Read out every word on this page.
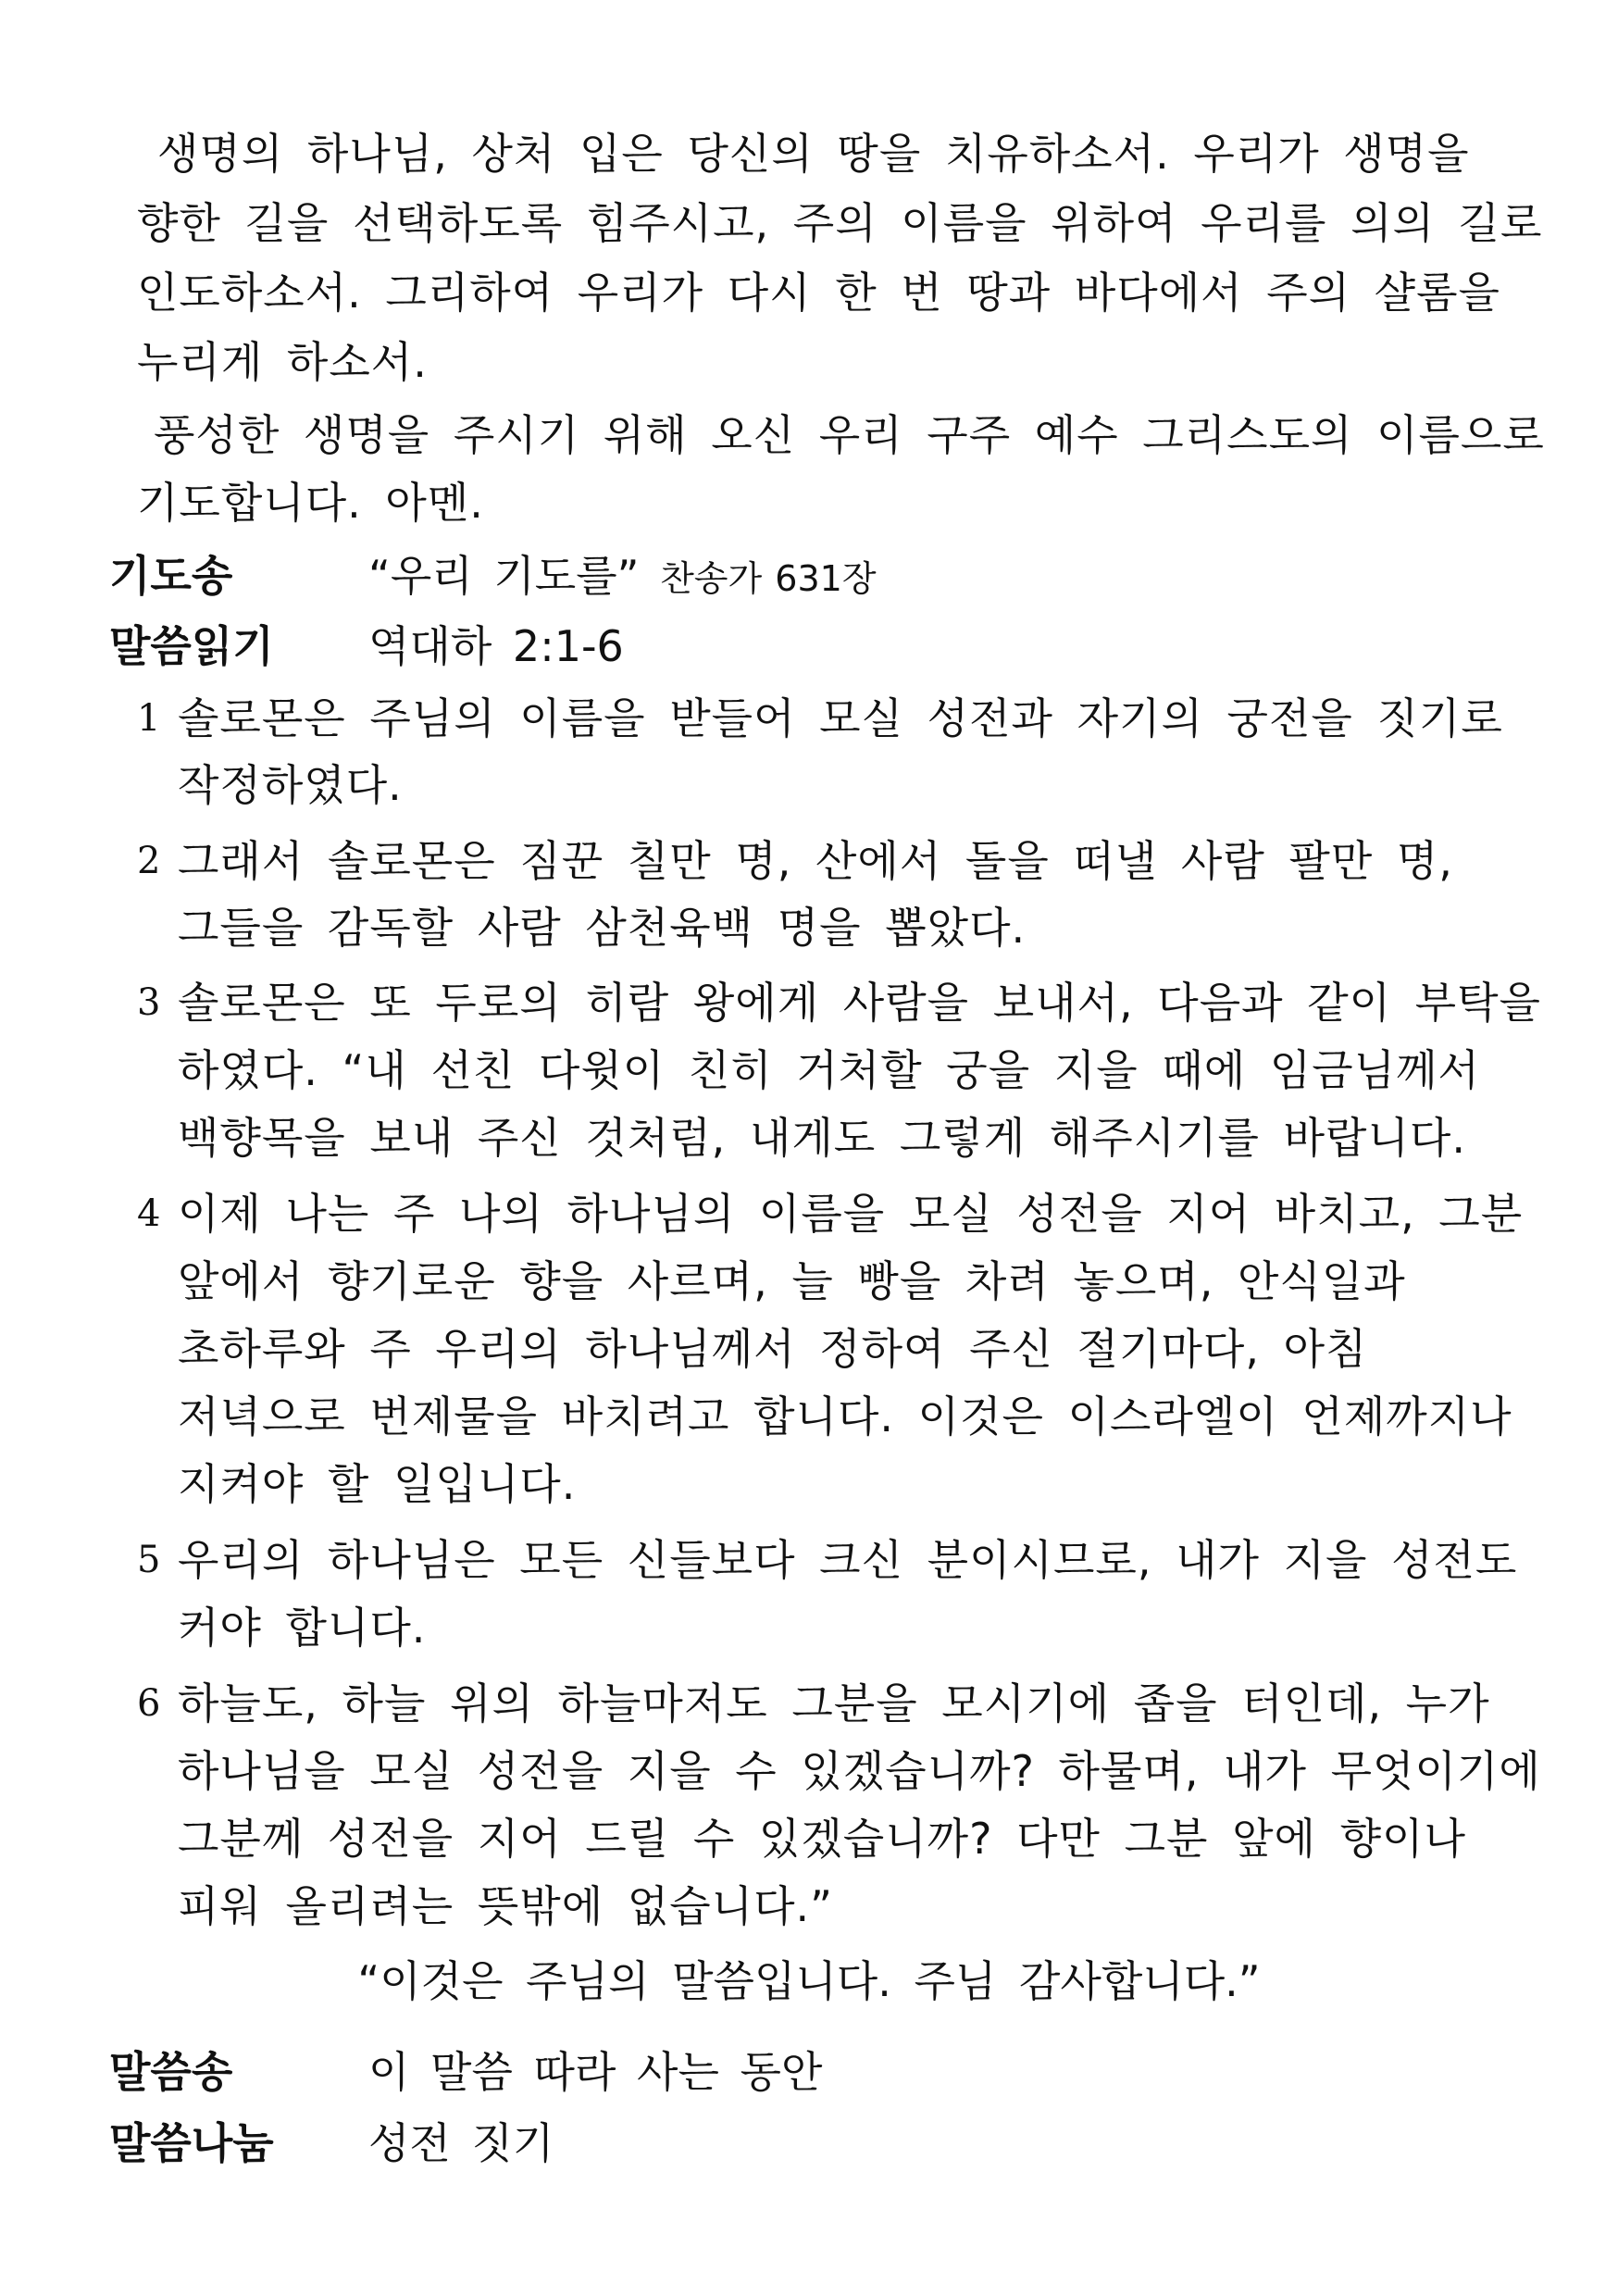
생명의 하나님, 상처 입은 당신의 땅을 치유하소서. 우리가 생명을
향한 길을 선택하도록 힘주시고, 주의 이름을 위하여 우리를 의의 길로
인도하소서. 그리하여 우리가 다시 한 번 땅과 바다에서 주의 샬롬을
누리게 하소서.
풍성한 생명을 주시기 위해 오신 우리 구주 예수 그리스도의 이름으로
기도합니다. 아멘.
기도송	“우리 기도를” 찬송가 631장
말씀읽기 역대하 2:1-6
1 솔로몬은 주님의 이름을 받들어 모실 성전과 자기의 궁전을 짓기로
작정하였다.
2 그래서 솔로몬은 짐꾼 칠만 명, 산에서 돌을 떠낼 사람 팔만 명,
그들을 감독할 사람 삼천육백 명을 뽑았다.
3 솔로몬은 또 두로의 히람 왕에게 사람을 보내서, 다음과 같이 부탁을
하였다. “내 선친 다윗이 친히 거처할 궁을 지을 때에 임금님께서
백향목을 보내 주신 것처럼, 내게도 그렇게 해주시기를 바랍니다.
4 이제 나는 주 나의 하나님의 이름을 모실 성전을 지어 바치고, 그분
앞에서 향기로운 향을 사르며, 늘 빵을 차려 놓으며, 안식일과
초하루와 주 우리의 하나님께서 정하여 주신 절기마다, 아침
저녁으로 번제물을 바치려고 합니다. 이것은 이스라엘이 언제까지나
지켜야 할 일입니다.
5 우리의 하나님은 모든 신들보다 크신 분이시므로, 내가 지을 성전도
커야 합니다.
6 하늘도, 하늘 위의 하늘마저도 그분을 모시기에 좁을 터인데, 누가
하나님을 모실 성전을 지을 수 있겠습니까? 하물며, 내가 무엇이기에
그분께 성전을 지어 드릴 수 있겠습니까? 다만 그분 앞에 향이나
피워 올리려는 뜻밖에 없습니다.”
“이것은 주님의 말씀입니다. 주님 감사합니다.”
말씀송	이 말씀 따라 사는 동안
말씀나눔 성전 짓기
